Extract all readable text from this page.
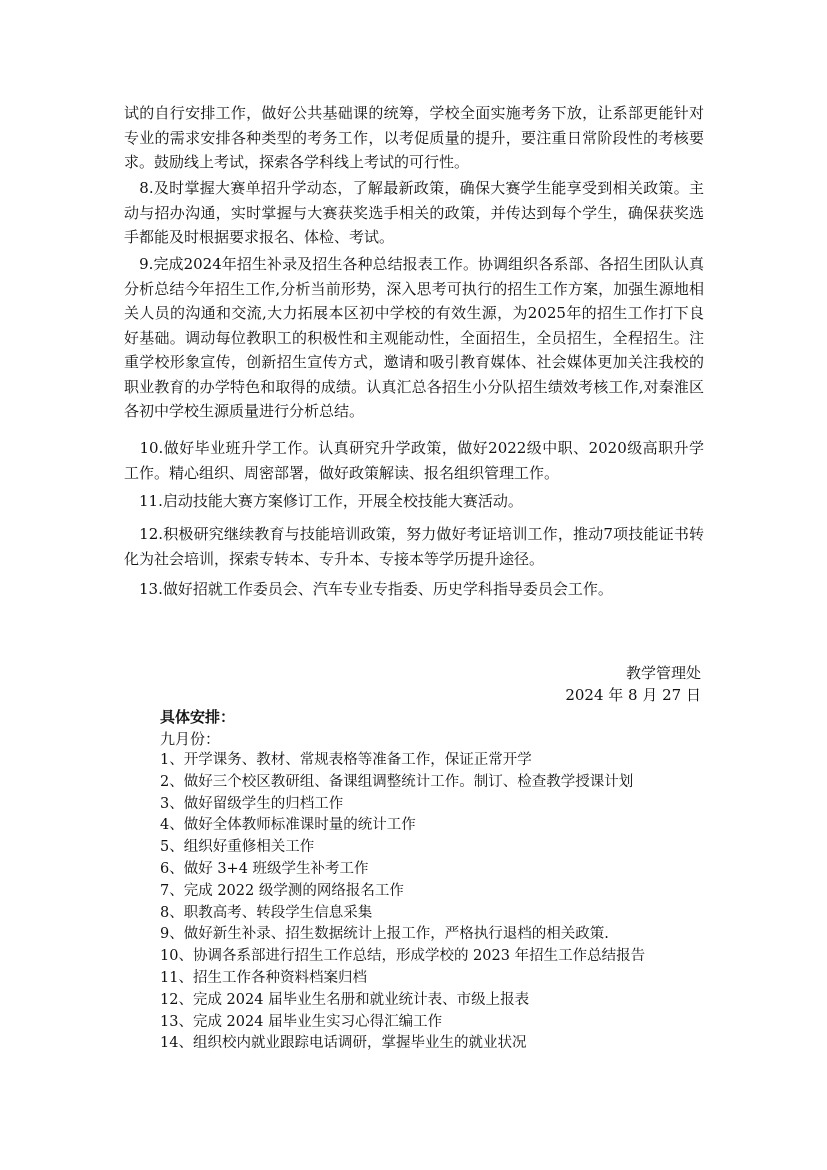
试的自行安排工作，做好公共基础课的统筹，学校全面实施考务下放，让系部更能针对专业的需求安排各种类型的考务工作，以考促质量的提升，要注重日常阶段性的考核要求。鼓励线上考试，探索各学科线上考试的可行性。

　8.及时掌握大赛单招升学动态，了解最新政策，确保大赛学生能享受到相关政策。主动与招办沟通，实时掌握与大赛获奖选手相关的政策，并传达到每个学生，确保获奖选手都能及时根据要求报名、体检、考试。

　9.完成2024年招生补录及招生各种总结报表工作。协调组织各系部、各招生团队认真分析总结今年招生工作,分析当前形势，深入思考可执行的招生工作方案，加强生源地相关人员的沟通和交流,大力拓展本区初中学校的有效生源，为2025年的招生工作打下良好基础。调动每位教职工的积极性和主观能动性，全面招生，全员招生，全程招生。注重学校形象宣传，创新招生宣传方式，邀请和吸引教育媒体、社会媒体更加关注我校的职业教育的办学特色和取得的成绩。认真汇总各招生小分队招生绩效考核工作,对秦淮区各初中学校生源质量进行分析总结。

　10.做好毕业班升学工作。认真研究升学政策，做好2022级中职、2020级高职升学工作。精心组织、周密部署，做好政策解读、报名组织管理工作。

　11.启动技能大赛方案修订工作，开展全校技能大赛活动。

　12.积极研究继续教育与技能培训政策，努力做好考证培训工作，推动7项技能证书转化为社会培训，探索专转本、专升本、专接本等学历提升途径。

　13.做好招就工作委员会、汽车专业专指委、历史学科指导委员会工作。

教学管理处

2024 年 8 月 27 日

具体安排：

九月份：

1、开学课务、教材、常规表格等准备工作，保证正常开学
2、做好三个校区教研组、备课组调整统计工作。制订、检查教学授课计划
3、做好留级学生的归档工作
4、做好全体教师标准课时量的统计工作
5、组织好重修相关工作
6、做好 3+4 班级学生补考工作
7、完成 2022 级学测的网络报名工作
8、职教高考、转段学生信息采集
9、做好新生补录、招生数据统计上报工作，严格执行退档的相关政策.
10、协调各系部进行招生工作总结，形成学校的 2023 年招生工作总结报告
11、招生工作各种资料档案归档
12、完成 2024 届毕业生名册和就业统计表、市级上报表
13、完成 2024 届毕业生实习心得汇编工作
14、组织校内就业跟踪电话调研，掌握毕业生的就业状况
